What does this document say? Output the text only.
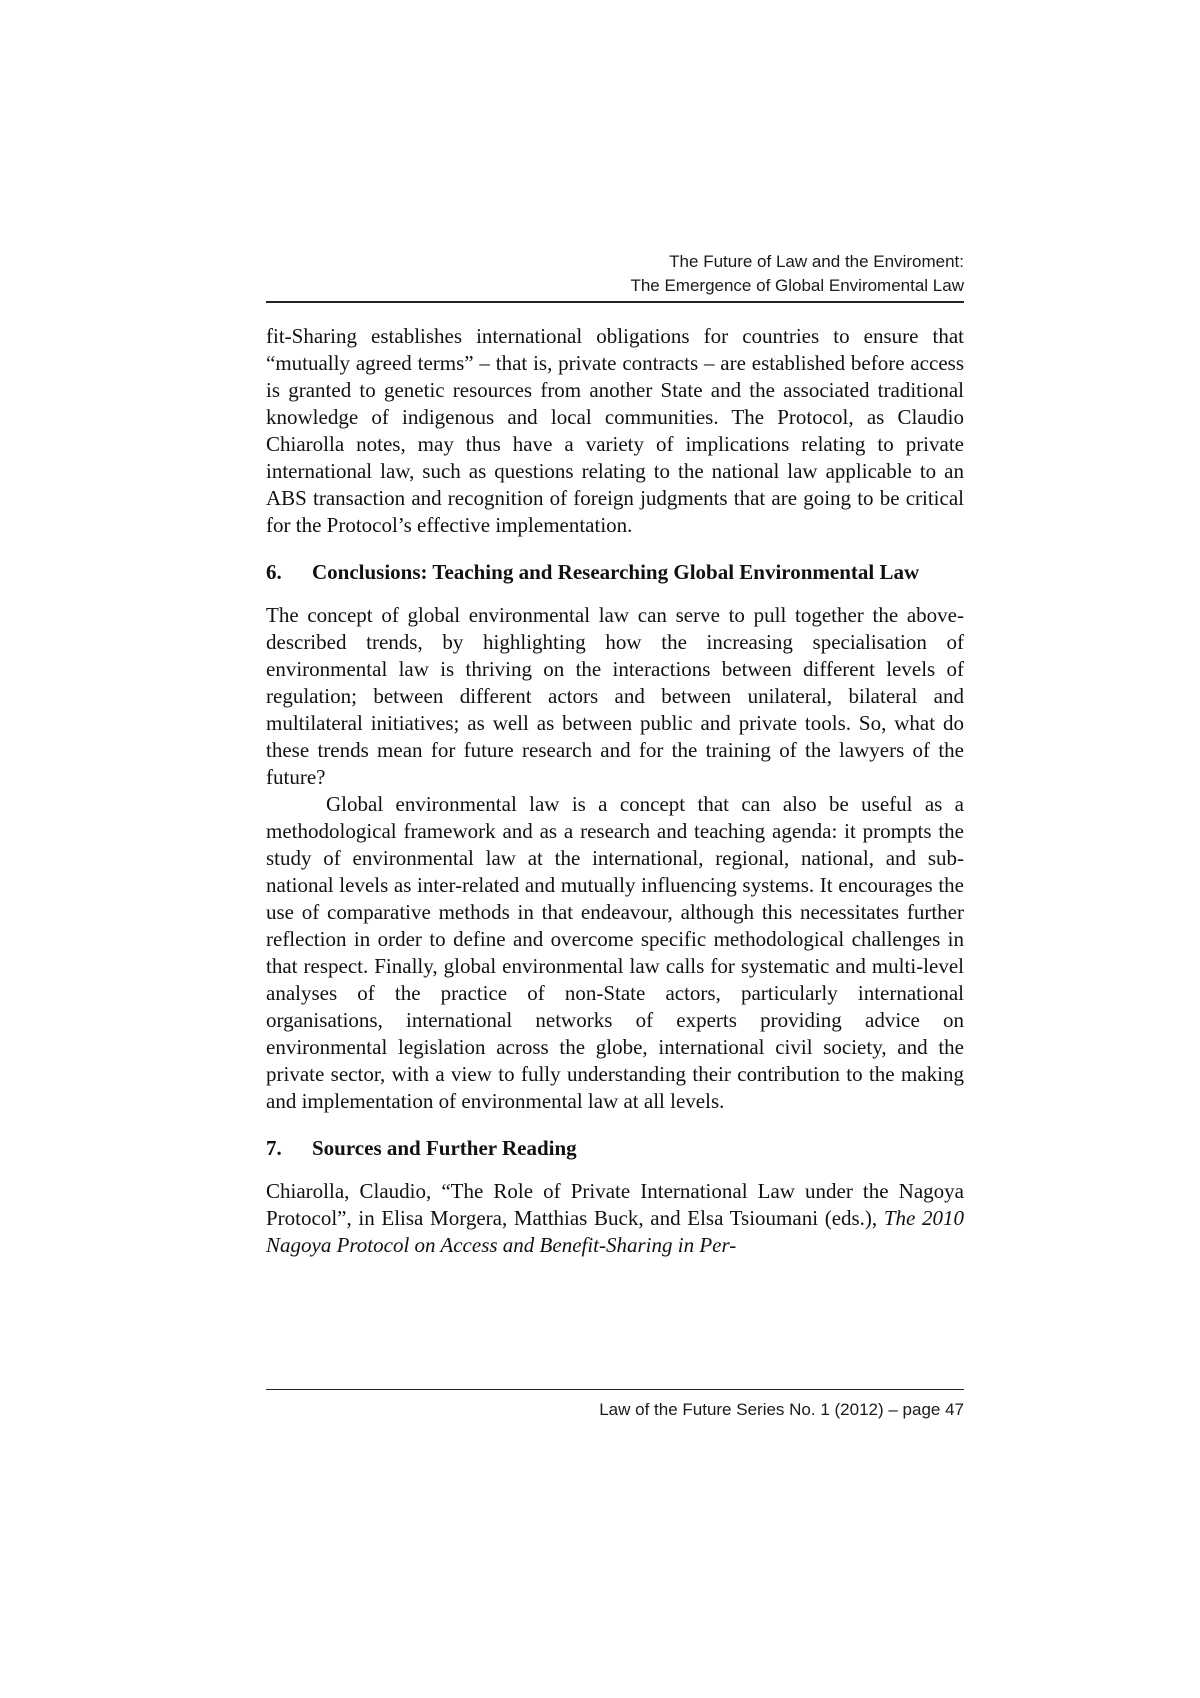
The Future of Law and the Enviroment:
The Emergence of Global Enviromental Law

fit-Sharing establishes international obligations for countries to ensure that “mutually agreed terms” – that is, private contracts – are established before access is granted to genetic resources from another State and the associated traditional knowledge of indigenous and local communities. The Protocol, as Claudio Chiarolla notes, may thus have a variety of implications relating to private international law, such as questions relating to the national law applicable to an ABS transaction and recognition of foreign judgments that are going to be critical for the Protocol’s effective implementation.

6.	Conclusions: Teaching and Researching Global Environmental Law

The concept of global environmental law can serve to pull together the above-described trends, by highlighting how the increasing specialisation of environmental law is thriving on the interactions between different levels of regulation; between different actors and between unilateral, bilateral and multilateral initiatives; as well as between public and private tools. So, what do these trends mean for future research and for the training of the lawyers of the future?

Global environmental law is a concept that can also be useful as a methodological framework and as a research and teaching agenda: it prompts the study of environmental law at the international, regional, national, and sub-national levels as inter-related and mutually influencing systems. It encourages the use of comparative methods in that endeavour, although this necessitates further reflection in order to define and overcome specific methodological challenges in that respect. Finally, global environmental law calls for systematic and multi-level analyses of the practice of non-State actors, particularly international organisations, international networks of experts providing advice on environmental legislation across the globe, international civil society, and the private sector, with a view to fully understanding their contribution to the making and implementation of environmental law at all levels.

7.	Sources and Further Reading

Chiarolla, Claudio, “The Role of Private International Law under the Nagoya Protocol”, in Elisa Morgera, Matthias Buck, and Elsa Tsioumani (eds.), The 2010 Nagoya Protocol on Access and Benefit-Sharing in Per-

Law of the Future Series No. 1 (2012) – page 47
